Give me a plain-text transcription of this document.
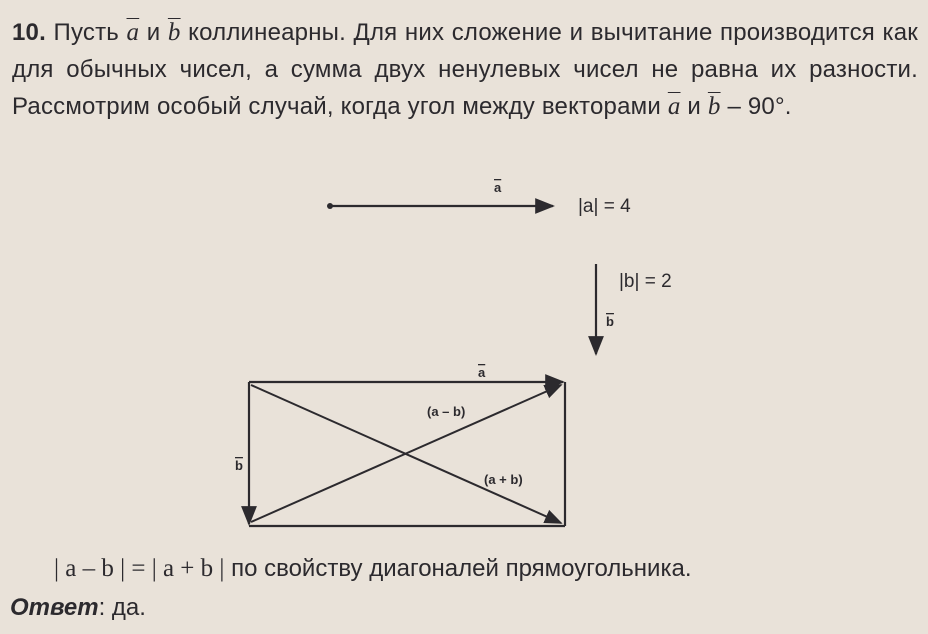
10. Пусть $\overline{a}$ и $\overline{b}$ коллинеарны. Для них сложение и вычитание производится как для обычных чисел, а сумма двух ненулевых чисел не равна их разности. Рассмотрим особый случай, когда угол между векторами $\overline{a}$ и $\overline{b} - 90^\circ$.
a
|a| = 4
b
|b| = 2
a
b
(a – b)
(a + b)
| a – b | = | a + b | по свойству диагоналей прямоугольника.
Ответ: да.
